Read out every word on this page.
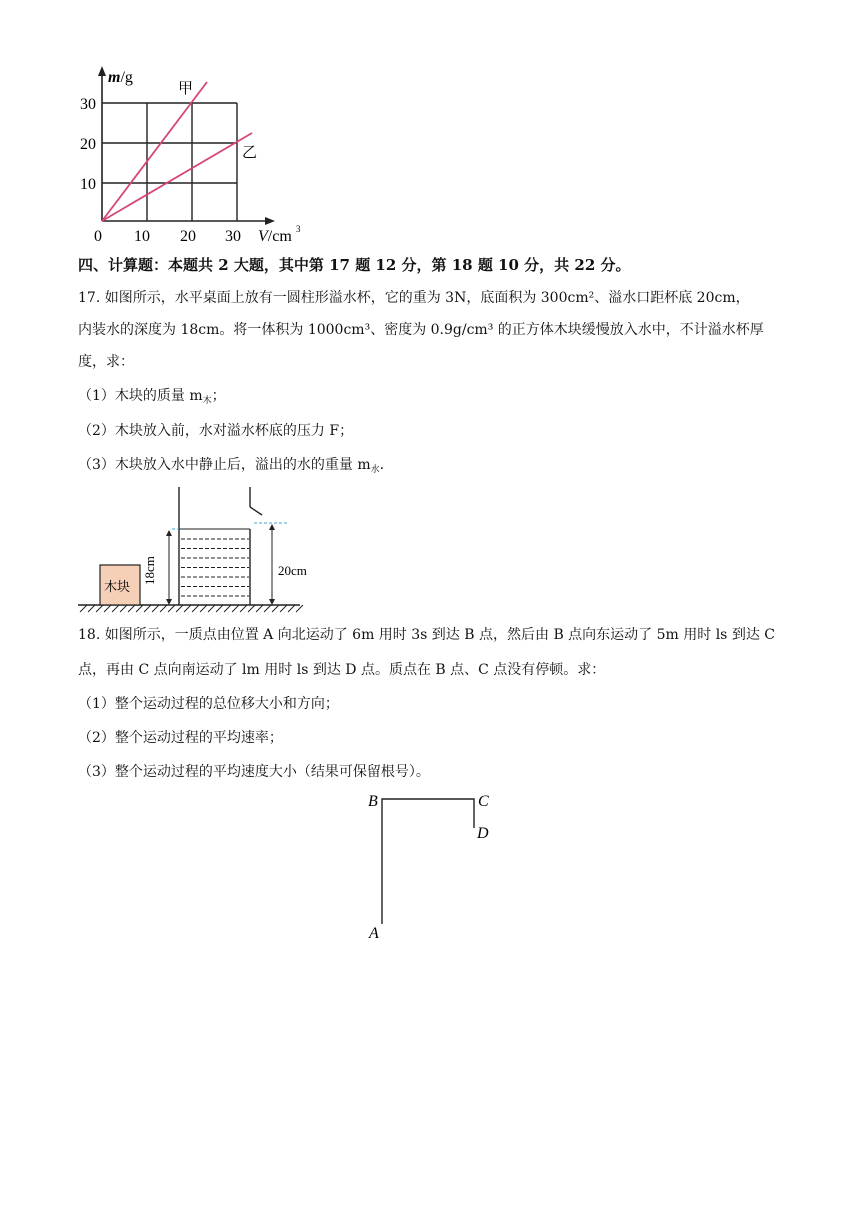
m/g
30
20
10
0 10 20 30 V/cm 3
甲
乙
四、计算题：本题共 2 大题，其中第 17 题 12 分，第 18 题 10 分，共 22 分。
17. 如图所示，水平桌面上放有一圆柱形溢水杯，它的重为 3N，底面积为 300cm²、溢水口距杯底 20cm，
内装水的深度为 18cm。将一体积为 1000cm³、密度为 0.9g/cm³ 的正方体木块缓慢放入水中，不计溢水杯厚
度，求：
（1）木块的质量 $m_木$；
（2）木块放入前，水对溢水杯底的压力 F；
（3）木块放入水中静止后，溢出的水的重量 $m_水$.
木块
18cm	20cm
18. 如图所示，一质点由位置 A 向北运动了 6m 用时 3s 到达 B 点，然后由 B 点向东运动了 5m 用时 ls 到达 C
点，再由 C 点向南运动了 lm 用时 ls 到达 D 点。质点在 B 点、C 点没有停顿。求：
（1）整个运动过程的总位移大小和方向；
（2）整个运动过程的平均速率；
（3）整个运动过程的平均速度大小（结果可保留根号）。
B	C
D
A
